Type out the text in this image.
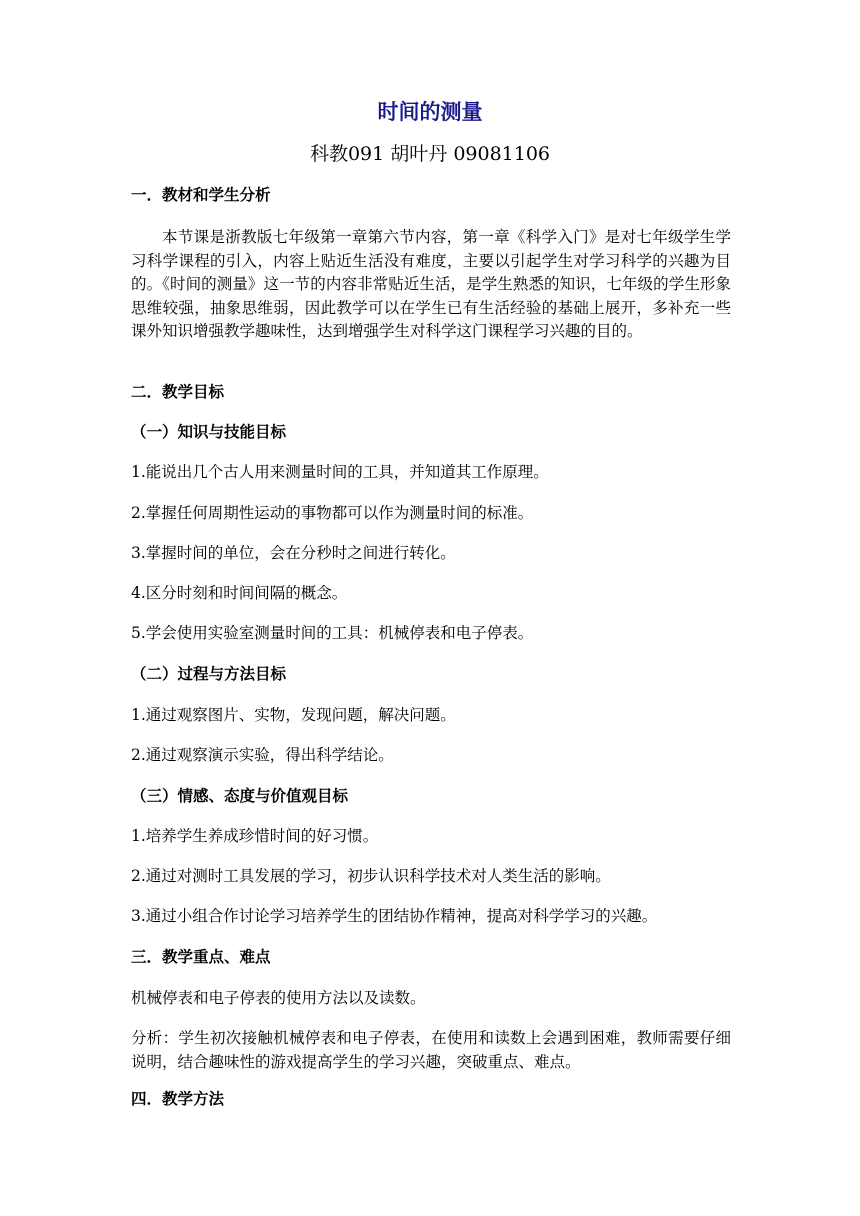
时间的测量

科教091 胡叶丹 09081106

一．教材和学生分析

本节课是浙教版七年级第一章第六节内容，第一章《科学入门》是对七年级学生学习科学课程的引入，内容上贴近生活没有难度，主要以引起学生对学习科学的兴趣为目的。《时间的测量》这一节的内容非常贴近生活，是学生熟悉的知识，七年级的学生形象思维较强，抽象思维弱，因此教学可以在学生已有生活经验的基础上展开，多补充一些课外知识增强教学趣味性，达到增强学生对科学这门课程学习兴趣的目的。

二．教学目标

（一）知识与技能目标

1.能说出几个古人用来测量时间的工具，并知道其工作原理。

2.掌握任何周期性运动的事物都可以作为测量时间的标准。

3.掌握时间的单位，会在分秒时之间进行转化。

4.区分时刻和时间间隔的概念。

5.学会使用实验室测量时间的工具：机械停表和电子停表。

（二）过程与方法目标

1.通过观察图片、实物，发现问题，解决问题。

2.通过观察演示实验，得出科学结论。

（三）情感、态度与价值观目标

1.培养学生养成珍惜时间的好习惯。

2.通过对测时工具发展的学习，初步认识科学技术对人类生活的影响。

3.通过小组合作讨论学习培养学生的团结协作精神，提高对科学学习的兴趣。

三．教学重点、难点

机械停表和电子停表的使用方法以及读数。

分析：学生初次接触机械停表和电子停表，在使用和读数上会遇到困难，教师需要仔细说明，结合趣味性的游戏提高学生的学习兴趣，突破重点、难点。

四．教学方法
